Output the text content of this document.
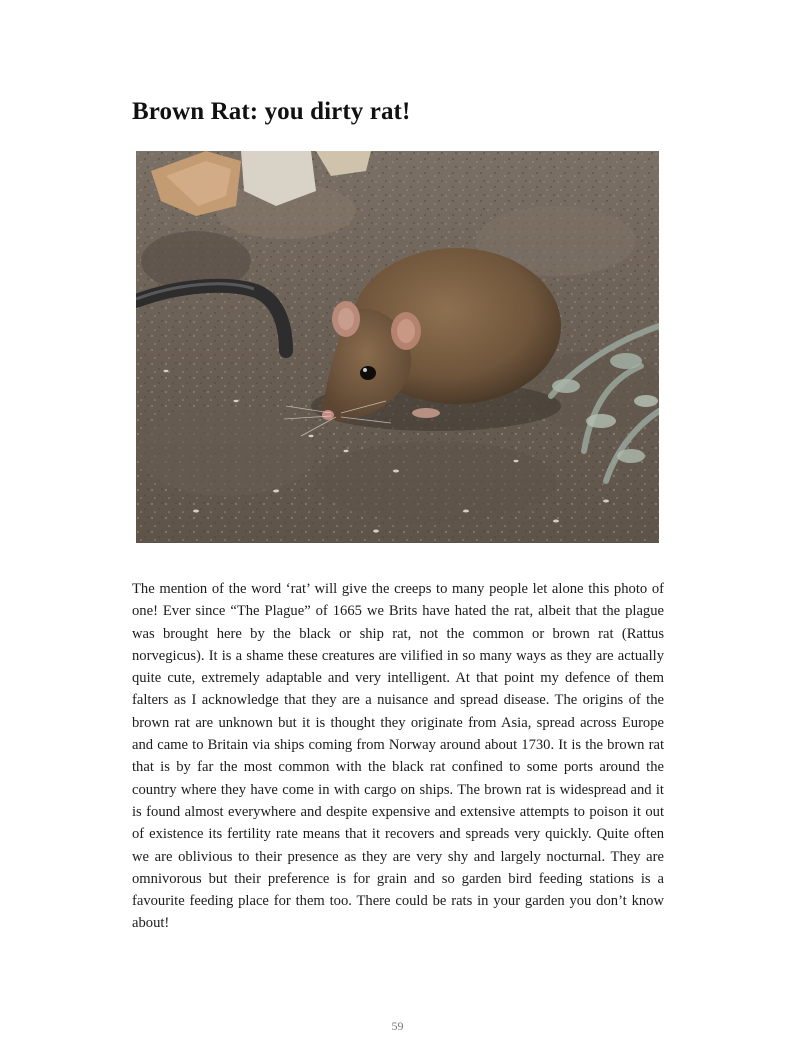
Brown Rat: you dirty rat!

The mention of the word ‘rat’ will give the creeps to many people let alone this photo of one! Ever since “The Plague” of 1665 we Brits have hated the rat, albeit that the plague was brought here by the black or ship rat, not the common or brown rat (Rattus norvegicus). It is a shame these creatures are vilified in so many ways as they are actually quite cute, extremely adaptable and very intelligent. At that point my defence of them falters as I acknowledge that they are a nuisance and spread disease. The origins of the brown rat are unknown but it is thought they originate from Asia, spread across Europe and came to Britain via ships coming from Norway around about 1730. It is the brown rat that is by far the most common with the black rat confined to some ports around the country where they have come in with cargo on ships. The brown rat is widespread and it is found almost everywhere and despite expensive and extensive attempts to poison it out of existence its fertility rate means that it recovers and spreads very quickly. Quite often we are oblivious to their presence as they are very shy and largely nocturnal. They are omnivorous but their preference is for grain and so garden bird feeding stations is a favourite feeding place for them too. There could be rats in your garden you don’t know about!

59
